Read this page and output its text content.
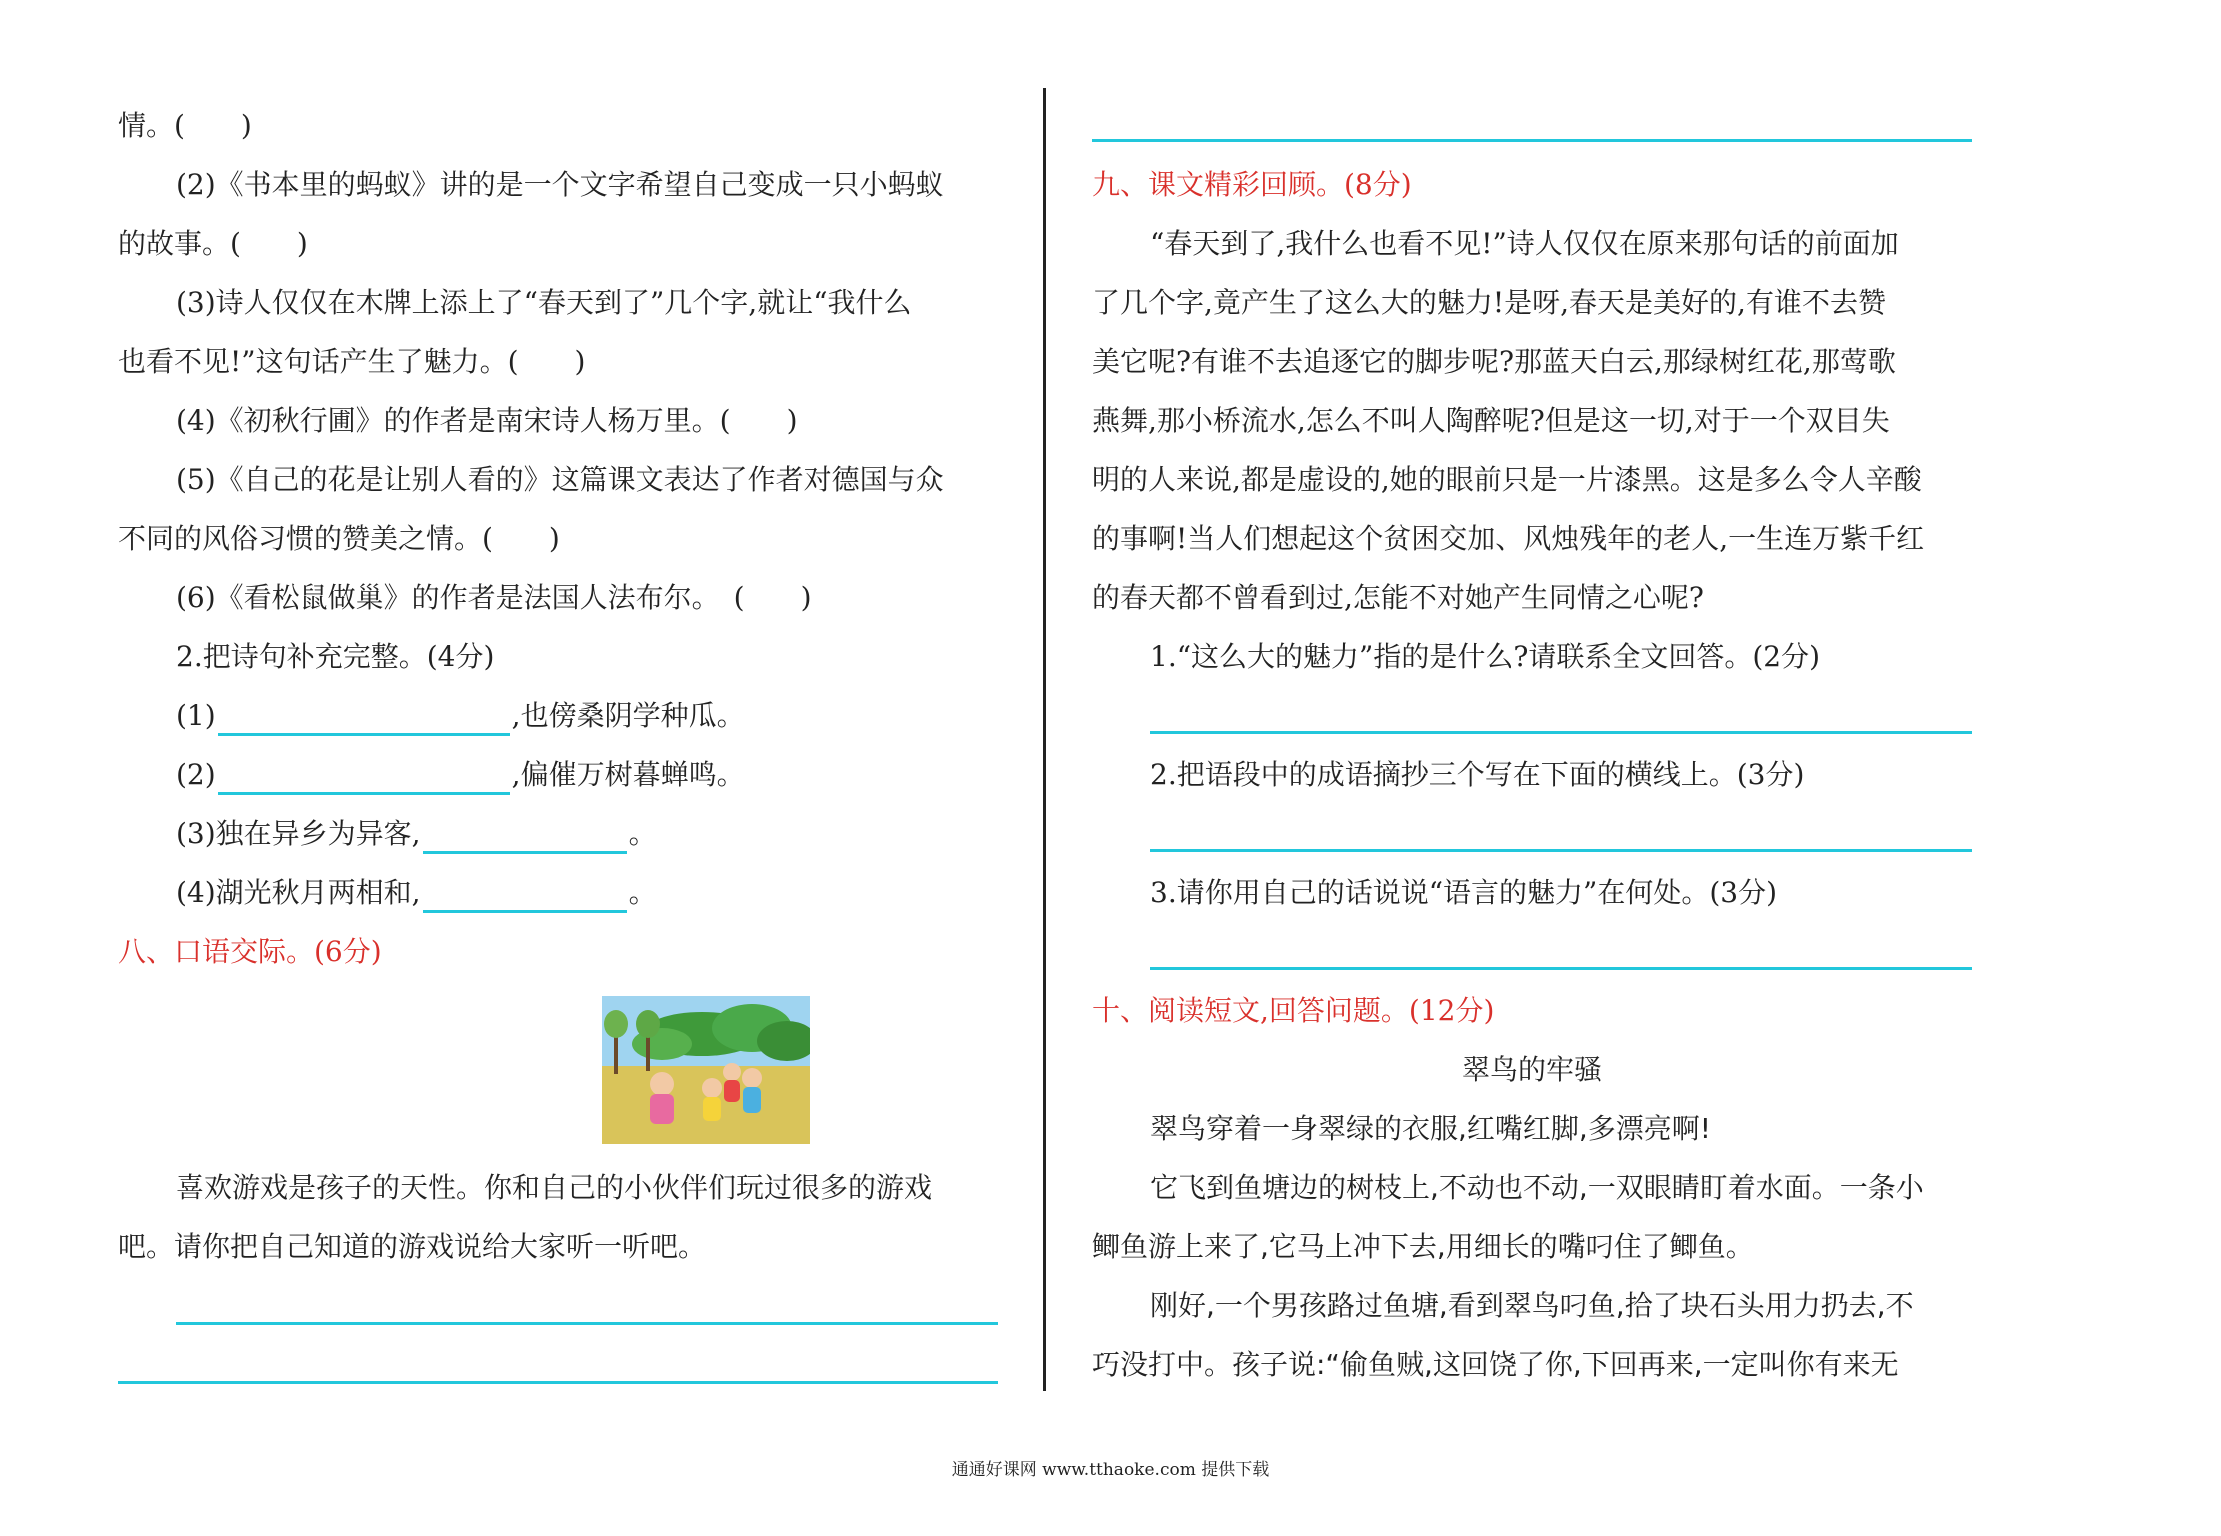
情。(　　)
(2)《书本里的蚂蚁》讲的是一个文字希望自己变成一只小蚂蚁
的故事。(　　)
(3)诗人仅仅在木牌上添上了“春天到了”几个字,就让“我什么
也看不见!”这句话产生了魅力。(　　)
(4)《初秋行圃》的作者是南宋诗人杨万里。(　　)
(5)《自己的花是让别人看的》这篇课文表达了作者对德国与众
不同的风俗习惯的赞美之情。(　　)
(6)《看松鼠做巢》的作者是法国人法布尔。　(　　)
2.把诗句补充完整。(4分)
(1)	,也傍桑阴学种瓜。
(2)	,偏催万树暮蝉鸣。
(3)独在异乡为异客,	。
(4)湖光秋月两相和,	。
八、口语交际。(6分)
喜欢游戏是孩子的天性。你和自己的小伙伴们玩过很多的游戏
吧。请你把自己知道的游戏说给大家听一听吧。
九、课文精彩回顾。(8分)
“春天到了,我什么也看不见!”诗人仅仅在原来那句话的前面加
了几个字,竟产生了这么大的魅力!是呀,春天是美好的,有谁不去赞
美它呢?有谁不去追逐它的脚步呢?那蓝天白云,那绿树红花,那莺歌
燕舞,那小桥流水,怎么不叫人陶醉呢?但是这一切,对于一个双目失
明的人来说,都是虚设的,她的眼前只是一片漆黑。这是多么令人辛酸
的事啊!当人们想起这个贫困交加、风烛残年的老人,一生连万紫千红
的春天都不曾看到过,怎能不对她产生同情之心呢?
1.“这么大的魅力”指的是什么?请联系全文回答。(2分)
2.把语段中的成语摘抄三个写在下面的横线上。(3分)
3.请你用自己的话说说“语言的魅力”在何处。(3分)
十、阅读短文,回答问题。(12分)
翠鸟的牢骚
翠鸟穿着一身翠绿的衣服,红嘴红脚,多漂亮啊!
它飞到鱼塘边的树枝上,不动也不动,一双眼睛盯着水面。一条小
鲫鱼游上来了,它马上冲下去,用细长的嘴叼住了鲫鱼。
刚好,一个男孩路过鱼塘,看到翠鸟叼鱼,拾了块石头用力扔去,不
巧没打中。孩子说:“偷鱼贼,这回饶了你,下回再来,一定叫你有来无
通通好课网 www.tthaoke.com 提供下载
